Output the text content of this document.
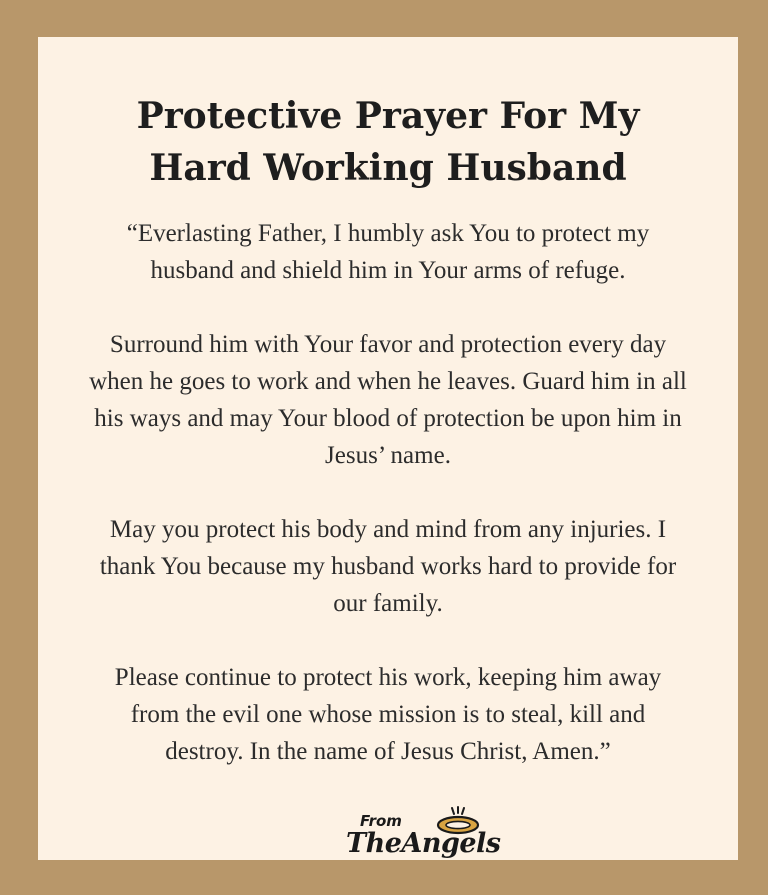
Protective Prayer For My
Hard Working Husband

“Everlasting Father, I humbly ask You to protect my
husband and shield him in Your arms of refuge.

Surround him with Your favor and protection every day
when he goes to work and when he leaves. Guard him in all
his ways and may Your blood of protection be upon him in
Jesus’ name.

May you protect his body and mind from any injuries. I
thank You because my husband works hard to provide for
our family.

Please continue to protect his work, keeping him away
from the evil one whose mission is to steal, kill and
destroy. In the name of Jesus Christ, Amen.”

From
TheAngels
